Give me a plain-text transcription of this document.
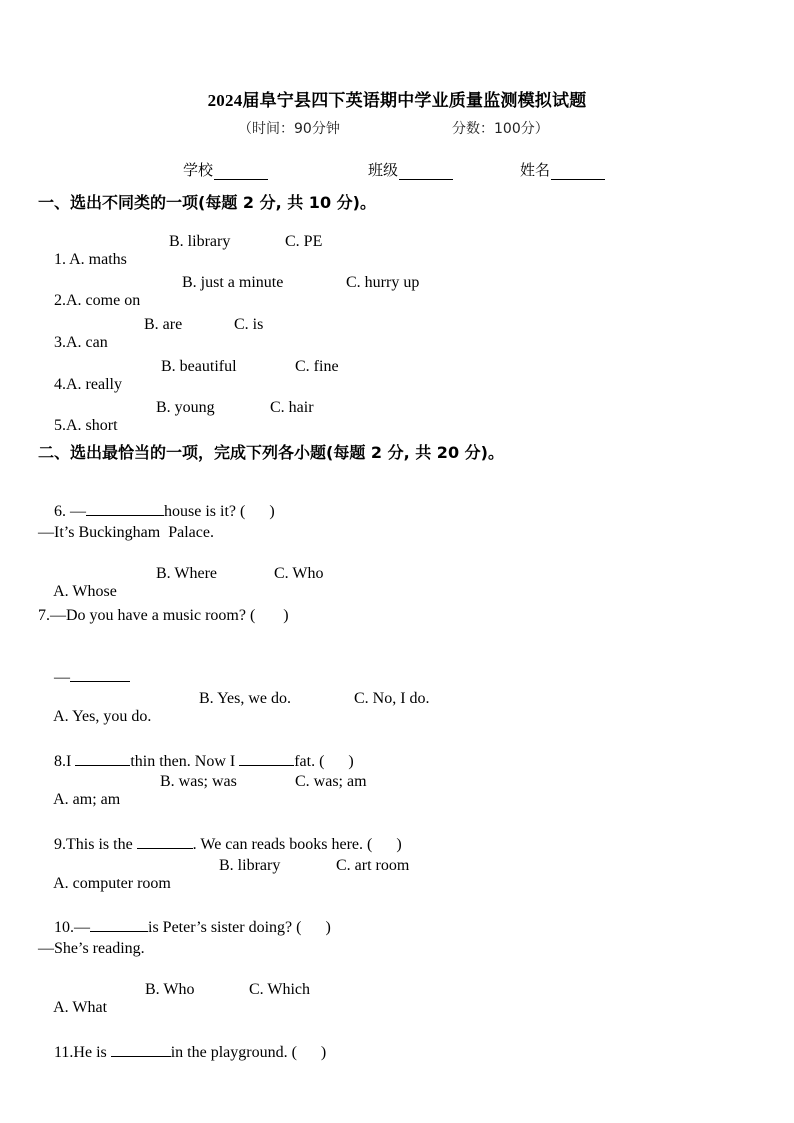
2024届阜宁县四下英语期中学业质量监测模拟试题
（时间：90分钟	分数：100分）
学校	班级	姓名
一、选出不同类的一项(每题 2 分, 共 10 分)。

1. A. maths

B. library

	C. PE

2.A. come on

B. just a minute

	C. hurry up

3.A. can

B. are

	C. is

4.A. really

B. beautiful

	C. fine

5.A. short

B. young

	C. hair

二、选出最恰当的一项，完成下列各小题(每题 2 分, 共 20 分)。

6. —	house is it? (      )

—It’s Buckingham  Palace.

A. Whose

B. Where

	C. Who

7.—Do you have a music room? (       )

—

A. Yes, you do.

B. Yes, we do.

	C. No, I do.

8.I	thin then. Now I	fat. (      )

A. am; am

B. was; was

	C. was; am

9.This is the	. We can reads books here. (      )

A. computer room

B. library

	C. art room

10.—	is Peter’s sister doing? (      )

—She’s reading.

A. What

B. Who

	C. Which

11.He is	in the playground. (      )
